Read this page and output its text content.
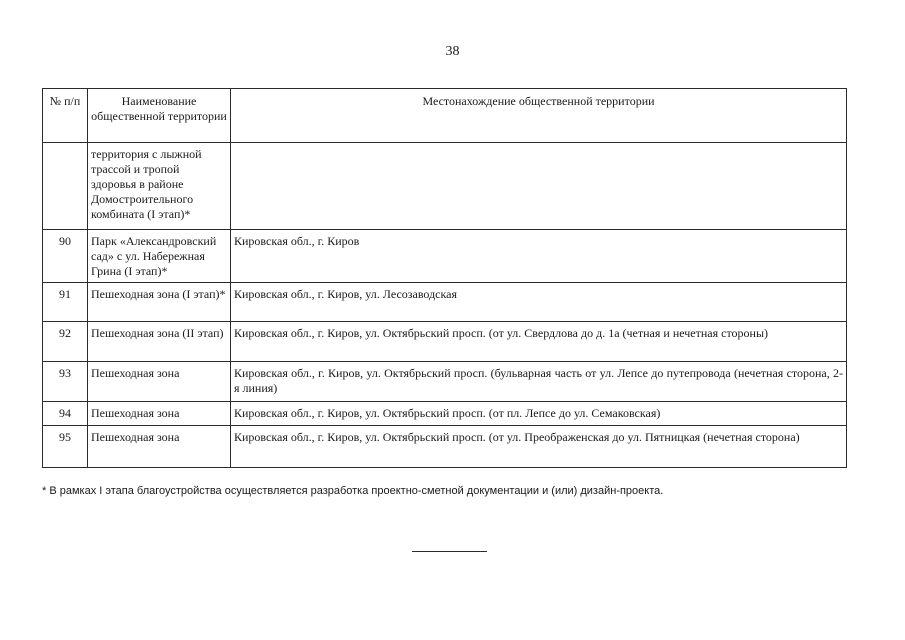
38
№ п/п	Наименование общественной территории	Местонахождение общественной территории
	территория с лыжной трассой и тропой здоровья в районе Домостроительного комбината (I этап)*	
90	Парк «Александровский сад» с ул. Набережная Грина (I этап)*	Кировская обл., г. Киров
91	Пешеходная зона (I этап)*	Кировская обл., г. Киров, ул. Лесозаводская
92	Пешеходная зона (II этап)	Кировская обл., г. Киров, ул. Октябрьский просп. (от ул. Свердлова до д. 1а (четная и нечетная стороны)
93	Пешеходная зона	Кировская обл., г. Киров, ул. Октябрьский просп. (бульварная часть от ул. Лепсе до путепровода (нечетная сторона, 2-я линия)
94	Пешеходная зона	Кировская обл., г. Киров, ул. Октябрьский просп. (от пл. Лепсе до ул. Семаковская)
95	Пешеходная зона	Кировская обл., г. Киров, ул. Октябрьский просп. (от ул. Преображенская до ул. Пятницкая (нечетная сторона)
* В рамках I этапа благоустройства осуществляется разработка проектно-сметной документации и (или) дизайн-проекта.
